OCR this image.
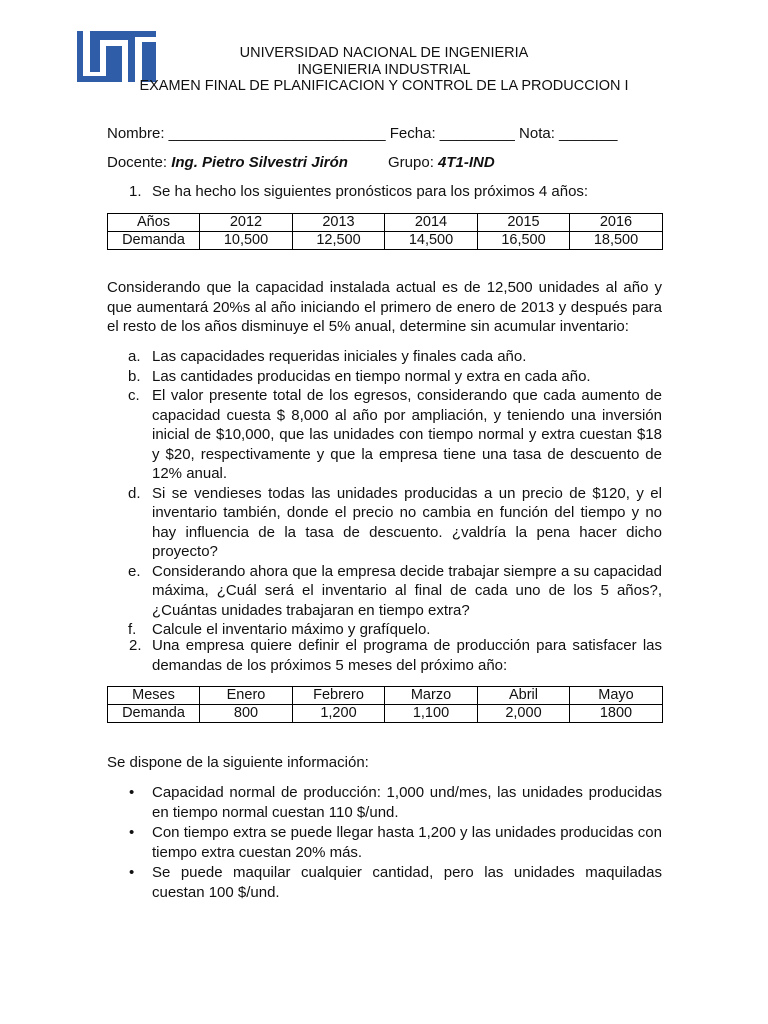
UNIVERSIDAD NACIONAL DE INGENIERIA
INGENIERIA INDUSTRIAL
EXAMEN FINAL DE PLANIFICACION Y CONTROL DE LA PRODUCCION I
Nombre: __________________________ Fecha: _________ Nota: _______
Docente: Ing. Pietro Silvestri Jirón	Grupo: 4T1-IND
1. Se ha hecho los siguientes pronósticos para los próximos 4 años:
Años	2012	2013	2014	2015	2016
Demanda	10,500	12,500	14,500	16,500	18,500
Considerando que la capacidad instalada actual es de 12,500 unidades al año y que aumentará 20%s al año iniciando el primero de enero de 2013 y después para el resto de los años disminuye el 5% anual, determine sin acumular inventario:
a. Las capacidades requeridas iniciales y finales cada año.
b. Las cantidades producidas en tiempo normal y extra en cada año.
c. El valor presente total de los egresos, considerando que cada aumento de capacidad cuesta $ 8,000 al año por ampliación, y teniendo una inversión inicial de $10,000, que las unidades con tiempo normal y extra cuestan $18 y $20, respectivamente y que la empresa tiene una tasa de descuento de 12% anual.
d. Si se vendieses todas las unidades producidas a un precio de $120, y el inventario también, donde el precio no cambia en función del tiempo y no hay influencia de la tasa de descuento. ¿valdría la pena hacer dicho proyecto?
e. Considerando ahora que la empresa decide trabajar siempre a su capacidad máxima, ¿Cuál será el inventario al final de cada uno de los 5 años?, ¿Cuántas unidades trabajaran en tiempo extra?
f. Calcule el inventario máximo y grafíquelo.
2. Una empresa quiere definir el programa de producción para satisfacer las demandas de los próximos 5 meses del próximo año:
Meses	Enero	Febrero	Marzo	Abril	Mayo
Demanda	800	1,200	1,100	2,000	1800
Se dispone de la siguiente información:
• Capacidad normal de producción: 1,000 und/mes, las unidades producidas en tiempo normal cuestan 110 $/und.
• Con tiempo extra se puede llegar hasta 1,200 y las unidades producidas con tiempo extra cuestan 20% más.
• Se puede maquilar cualquier cantidad, pero las unidades maquiladas cuestan 100 $/und.
